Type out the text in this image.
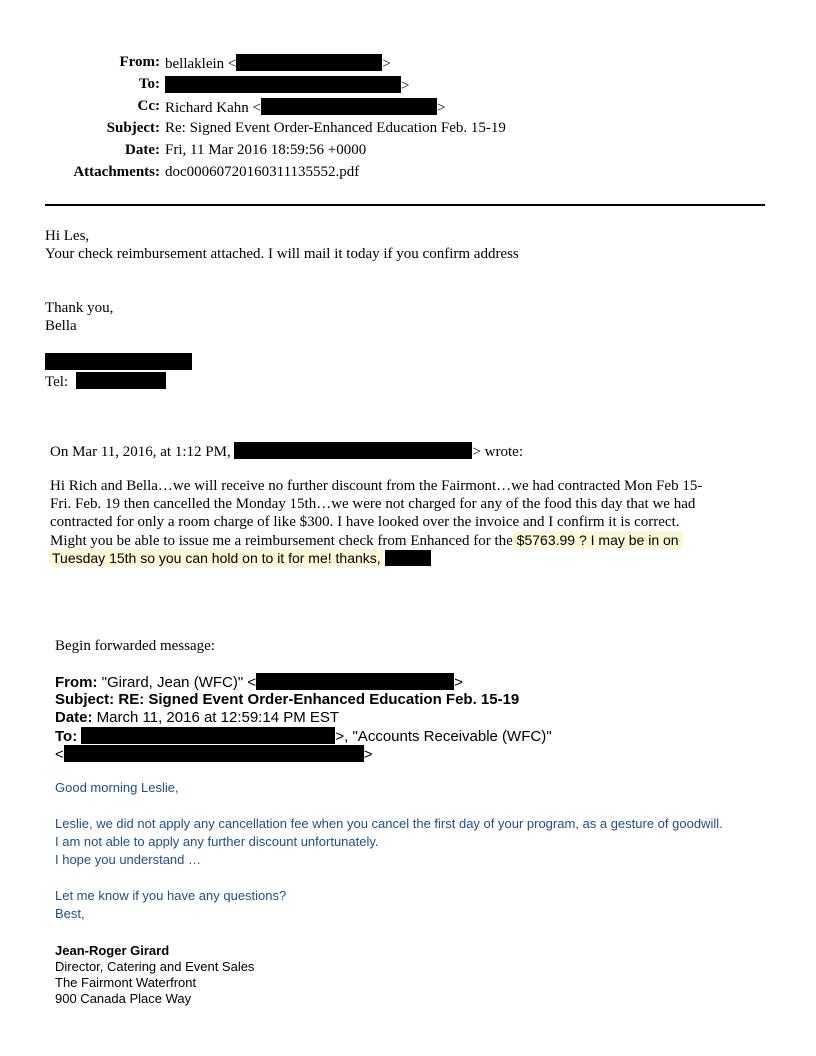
From: bellaklein <	>
To:	>
Cc: Richard Kahn <	>
Subject: Re: Signed Event Order-Enhanced Education Feb. 15-19
Date: Fri, 11 Mar 2016 18:59:56 +0000
Attachments: doc00060720160311135552.pdf
Hi Les,
Your check reimbursement attached. I will mail it today if you confirm address
Thank you,
Bella
Tel:
On Mar 11, 2016, at 1:12 PM,	> wrote:
Hi Rich and Bella…we will receive no further discount from the Fairmont…we had contracted Mon Feb 15-
Fri. Feb. 19 then cancelled the Monday 15th…we were not charged for any of the food this day that we had
contracted for only a room charge of like $300. I have looked over the invoice and I confirm it is correct.
Might you be able to issue me a reimbursement check from Enhanced for the $5763.99 ? I may be in on
Tuesday 15th so you can hold on to it for me! thanks,
Begin forwarded message:
From: "Girard, Jean (WFC)" <	>
Subject: RE: Signed Event Order-Enhanced Education Feb. 15-19
Date: March 11, 2016 at 12:59:14 PM EST
To:	>, "Accounts Receivable (WFC)"
<	>
Good morning Leslie,
Leslie, we did not apply any cancellation fee when you cancel the first day of your program, as a gesture of goodwill.
I am not able to apply any further discount unfortunately.
I hope you understand …
Let me know if you have any questions?
Best,
Jean-Roger Girard
Director, Catering and Event Sales
The Fairmont Waterfront
900 Canada Place Way
